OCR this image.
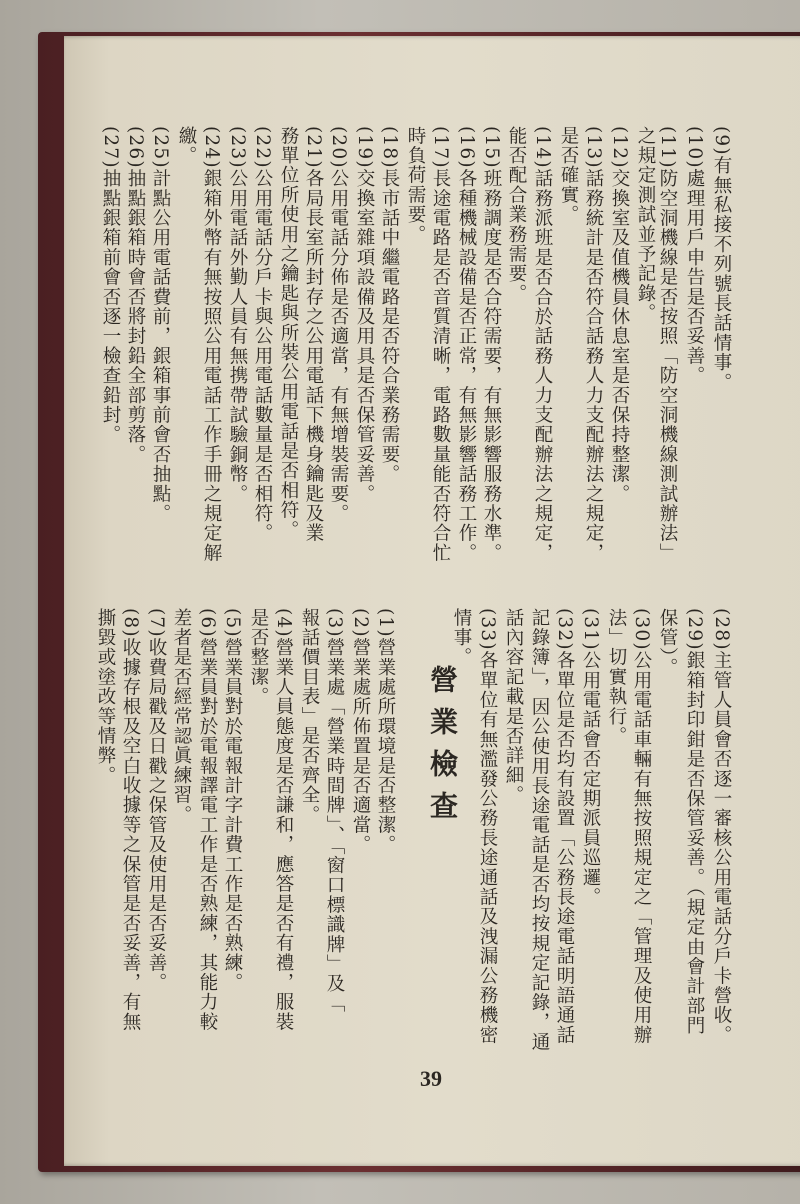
營業檢查
39
(9)有無私接不列號長話情事。
(10)處理用戶申告是否妥善。
(11)防空洞機線是否按照「防空洞機線測試辦法」
之規定測試並予記錄。
(12)交換室及值機員休息室是否保持整潔。
(13)話務統計是否符合話務人力支配辦法之規定，
是否確實。
(14)話務派班是否合於話務人力支配辦法之規定，
能否配合業務需要。
(15)班務調度是否合符需要，有無影響服務水準。
(16)各種機械設備是否正常，有無影響話務工作。
(17)長途電路是否音質清晰，電路數量能否符合忙
時負荷需要。
(18)長市話中繼電路是否符合業務需要。
(19)交換室雜項設備及用具是否保管妥善。
(20)公用電話分佈是否適當，有無增裝需要。
(21)各局長室所封存之公用電話下機身鑰匙及業
務單位所使用之鑰匙與所裝公用電話是否相符。
(22)公用電話分戶卡與公用電話數量是否相符。
(23)公用電話外勤人員有無携帶試驗銅幣。
(24)銀箱外幣有無按照公用電話工作手冊之規定解
繳。
(25)計點公用電話費前，銀箱事前會否抽點。
(26)抽點銀箱時會否將封鉛全部剪落。
(27)抽點銀箱前會否逐一檢查鉛封。
(28)主管人員會否逐一審核公用電話分戶卡營收。
(29)銀箱封印鉗是否保管妥善。（規定由會計部門
保管）。
(30)公用電話車輛有無按照規定之「管理及使用辦
法」切實執行。
(31)公用電話會否定期派員巡邏。
(32)各單位是否均有設置「公務長途電話明語通話
記錄簿」，因公使用長途電話是否均按規定記錄，通
話內容記載是否詳細。
(33)各單位有無濫發公務長途通話及洩漏公務機密
情事。
(1)營業處所環境是否整潔。
(2)營業處所佈置是否適當。
(3)營業處「營業時間牌」、「窗口標識牌」及「
報話價目表」是否齊全。
(4)營業人員態度是否謙和，應答是否有禮，服裝
是否整潔。
(5)營業員對於電報計字計費工作是否熟練。
(6)營業員對於電報譯電工作是否熟練，其能力較
差者是否經常認眞練習。
(7)收費局戳及日戳之保管及使用是否妥善。
(8)收據存根及空白收據等之保管是否妥善，有無
撕毀或塗改等情弊。
